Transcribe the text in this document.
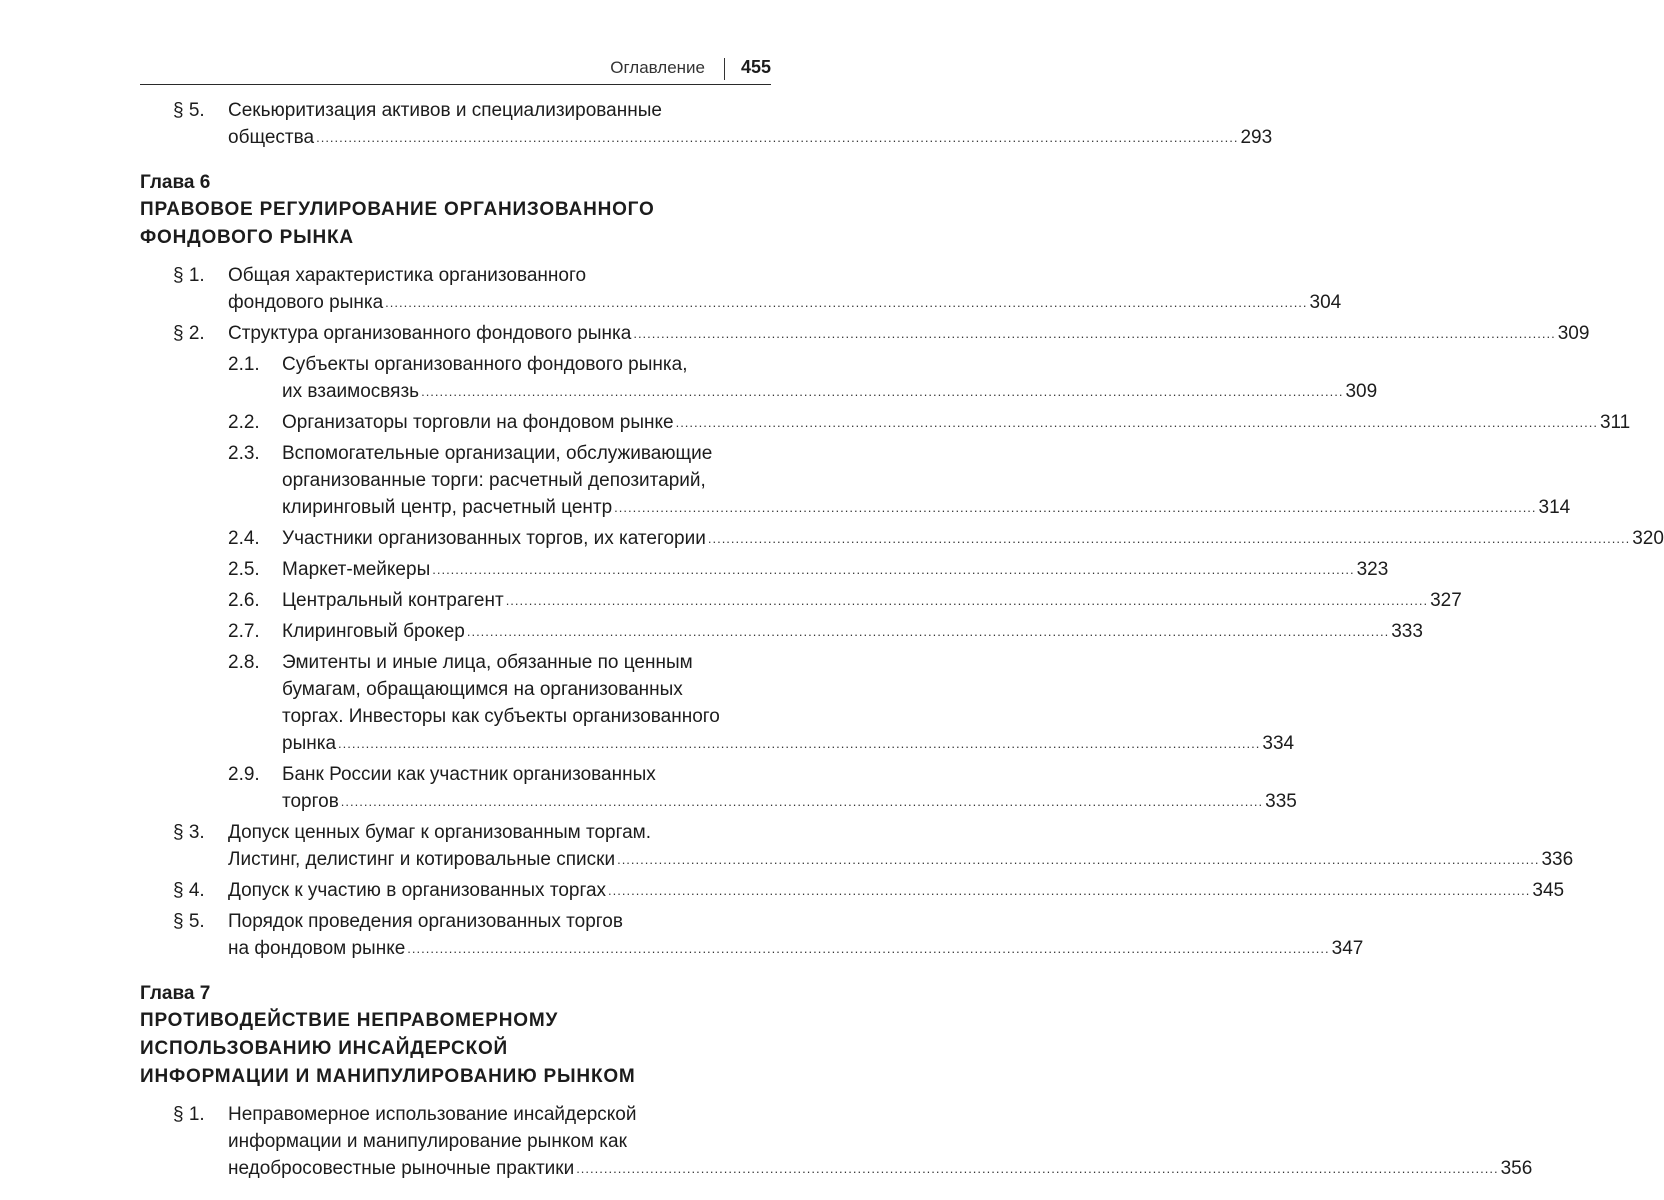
Оглавление 455
§ 5. Секьюритизация активов и специализированные
общества ........................................................................................................................................................................................................ 293
Глава 6
ПРАВОВОЕ РЕГУЛИРОВАНИЕ ОРГАНИЗОВАННОГО
ФОНДОВОГО РЫНКА
§ 1. Общая характеристика организованного
фондового рынка ........................................................................................................................................................................................................ 304
§ 2. Структура организованного фондового рынка ........................................................................................................................................................................................................ 309
2.1. Субъекты организованного фондового рынка,
их взаимосвязь ........................................................................................................................................................................................................ 309
2.2. Организаторы торговли на фондовом рынке ........................................................................................................................................................................................................ 311
2.3. Вспомогательные организации, обслуживающие
организованные торги: расчетный депозитарий,
клиринговый центр, расчетный центр ........................................................................................................................................................................................................ 314
2.4. Участники организованных торгов, их категории ........................................................................................................................................................................................................ 320
2.5. Маркет-мейкеры ........................................................................................................................................................................................................ 323
2.6. Центральный контрагент ........................................................................................................................................................................................................ 327
2.7. Клиринговый брокер ........................................................................................................................................................................................................ 333
2.8. Эмитенты и иные лица, обязанные по ценным
бумагам, обращающимся на организованных
торгах. Инвесторы как субъекты организованного
рынка ........................................................................................................................................................................................................ 334
2.9. Банк России как участник организованных
торгов ........................................................................................................................................................................................................ 335
§ 3. Допуск ценных бумаг к организованным торгам.
Листинг, делистинг и котировальные списки ........................................................................................................................................................................................................ 336
§ 4. Допуск к участию в организованных торгах ........................................................................................................................................................................................................ 345
§ 5. Порядок проведения организованных торгов
на фондовом рынке ........................................................................................................................................................................................................ 347
Глава 7
ПРОТИВОДЕЙСТВИЕ НЕПРАВОМЕРНОМУ
ИСПОЛЬЗОВАНИЮ ИНСАЙДЕРСКОЙ
ИНФОРМАЦИИ И МАНИПУЛИРОВАНИЮ РЫНКОМ
§ 1. Неправомерное использование инсайдерской
информации и манипулирование рынком как
недобросовестные рыночные практики ........................................................................................................................................................................................................ 356
